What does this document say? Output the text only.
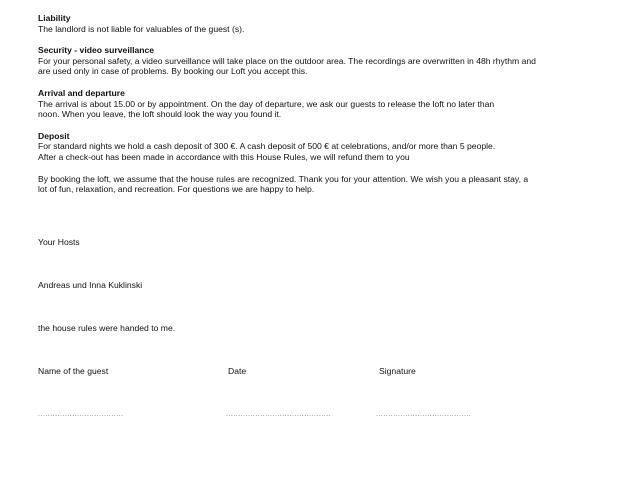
Liability
The landlord is not liable for valuables of the guest (s).
Security - video surveillance
For your personal safety, a video surveillance will take place on the outdoor area. The recordings are overwritten in 48h rhythm and
are used only in case of problems. By booking our Loft you accept this.
Arrival and departure
The arrival is about 15.00 or by appointment. On the day of departure, we ask our guests to release the loft no later than
noon. When you leave, the loft should look the way you found it.
Deposit
For standard nights we hold a cash deposit of 300 €. A cash deposit of 500 € at celebrations, and/or more than 5 people.
After a check-out has been made in accordance with this House Rules, we will refund them to you
By booking the loft, we assume that the house rules are recognized. Thank you for your attention. We wish you a pleasant stay, a
lot of fun, relaxation, and recreation. For questions we are happy to help.
Your Hosts
Andreas und Inna Kuklinski
the house rules were handed to me.
Name of the guest	Date	Signature
...................................	...........................................	.......................................
